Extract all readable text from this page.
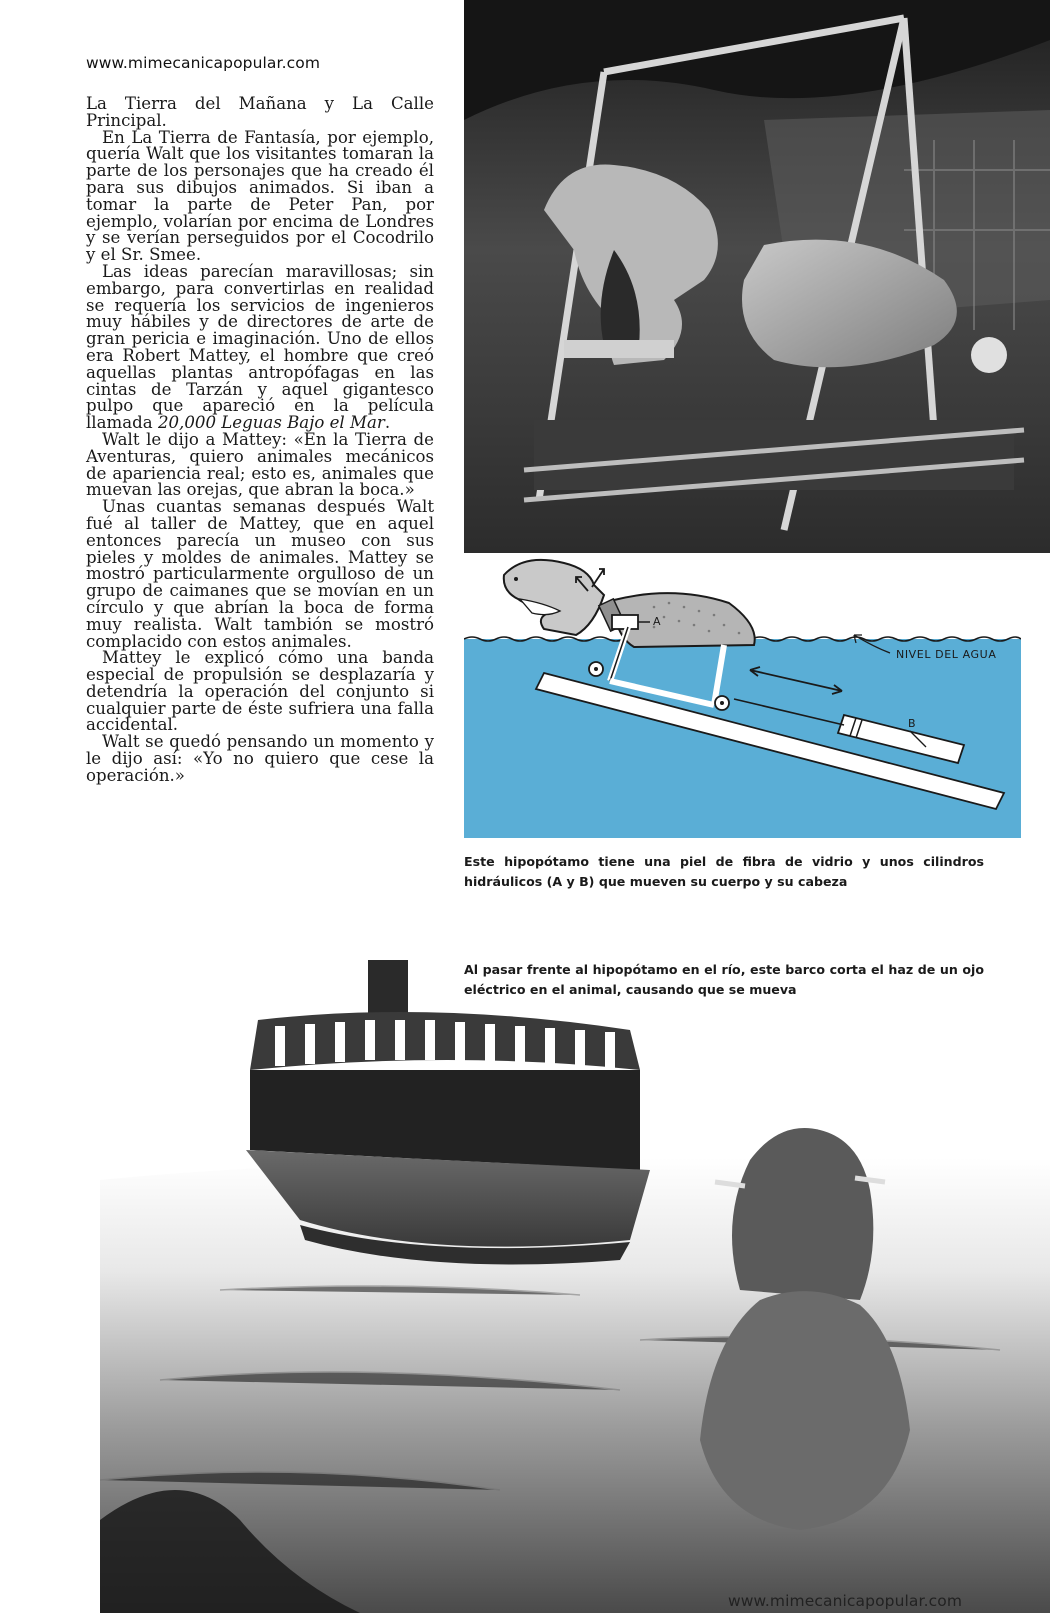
www.mimecanicapopular.com

La Tierra del Mañana y La Calle Principal.

En La Tierra de Fantasía, por ejemplo, quería Walt que los visitantes tomaran la parte de los personajes que ha creado él para sus dibujos animados. Si iban a tomar la parte de Peter Pan, por ejemplo, volarían por encima de Londres y se verían perseguidos por el Cocodrilo y el Sr. Smee.

Las ideas parecían maravillosas; sin embargo, para convertirlas en realidad se requería los servicios de ingenieros muy hábiles y de directores de arte de gran pericia e imaginación. Uno de ellos era Robert Mattey, el hombre que creó aquellas plantas antropófagas en las cintas de Tarzán y aquel gigantesco pulpo que apareció en la película llamada 20,000 Leguas Bajo el Mar.

Walt le dijo a Mattey: «En la Tierra de Aventuras, quiero animales mecánicos de apariencia real; esto es, animales que muevan las orejas, que abran la boca.»

Unas cuantas semanas después Walt fué al taller de Mattey, que en aquel entonces parecía un museo con sus pieles y moldes de animales. Mattey se mostró particularmente orgulloso de un grupo de caimanes que se movían en un círculo y que abrían la boca de forma muy realista. Walt tambión se mostró complacido con estos animales.

Mattey le explicó cómo una banda especial de propulsión se desplazaría y detendría la operación del conjunto si cualquier parte de éste sufriera una falla accidental.

Walt se quedó pensando un momento y le dijo así: «Yo no quiero que cese la operación.»

A
B
NIVEL DEL AGUA
Este hipopótamo tiene una piel de fibra de vidrio y unos cilindros hidráulicos (A y B) que mueven su cuerpo y su cabeza
Al pasar frente al hipopótamo en el río, este barco corta el haz de un ojo eléctrico en el animal, causando que se mueva
www.mimecanicapopular.com
